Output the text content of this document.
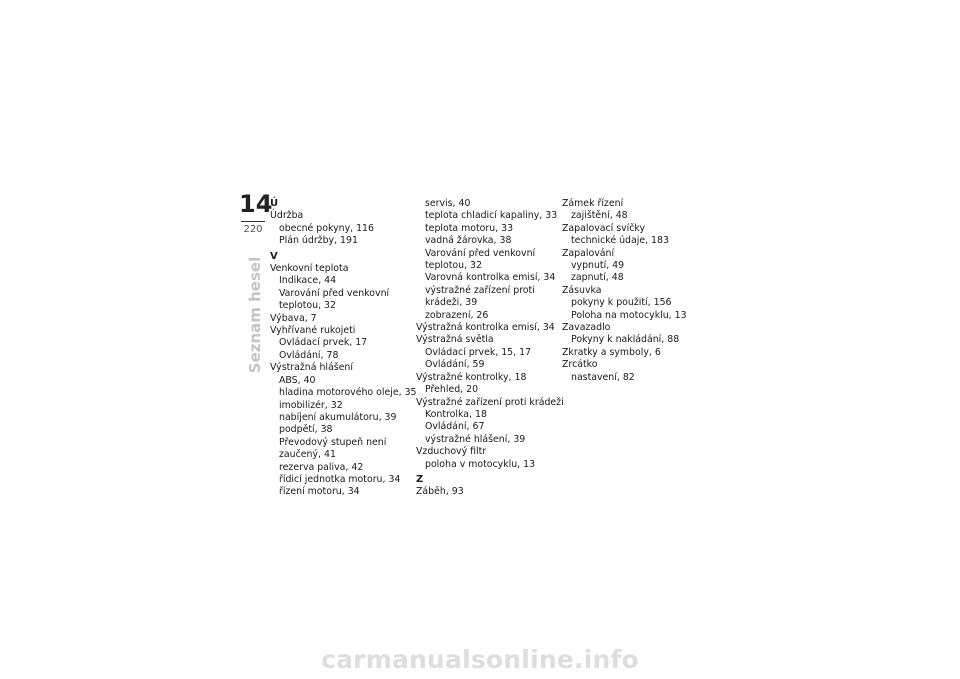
14
220
Seznam hesel
Ú
Údržba
obecné pokyny, 116
Plán údržby, 191
V
Venkovní teplota
Indikace, 44
Varování před venkovní
teplotou, 32
Výbava, 7
Vyhřívané rukojeti
Ovládací prvek, 17
Ovládání, 78
Výstražná hlášení
ABS, 40
hladina motorového oleje, 35
imobilizér, 32
nabíjení akumulátoru, 39
podpětí, 38
Převodový stupeň není
zaučený, 41
rezerva paliva, 42
řídicí jednotka motoru, 34
řízení motoru, 34
servis, 40
teplota chladicí kapaliny, 33
teplota motoru, 33
vadná žárovka, 38
Varování před venkovní
teplotou, 32
Varovná kontrolka emisí, 34
výstražné zařízení proti
krádeži, 39
zobrazení, 26
Výstražná kontrolka emisí, 34
Výstražná světla
Ovládací prvek, 15, 17
Ovládání, 59
Výstražné kontrolky, 18
Přehled, 20
Výstražné zařízení proti krádeži
Kontrolka, 18
Ovládání, 67
výstražné hlášení, 39
Vzduchový filtr
poloha v motocyklu, 13
Z
Záběh, 93
Zámek řízení
zajištění, 48
Zapalovací svíčky
technické údaje, 183
Zapalování
vypnutí, 49
zapnutí, 48
Zásuvka
pokyny k použití, 156
Poloha na motocyklu, 13
Zavazadlo
Pokyny k nakládání, 88
Zkratky a symboly, 6
Zrcátko
nastavení, 82
carmanualsonline.info
